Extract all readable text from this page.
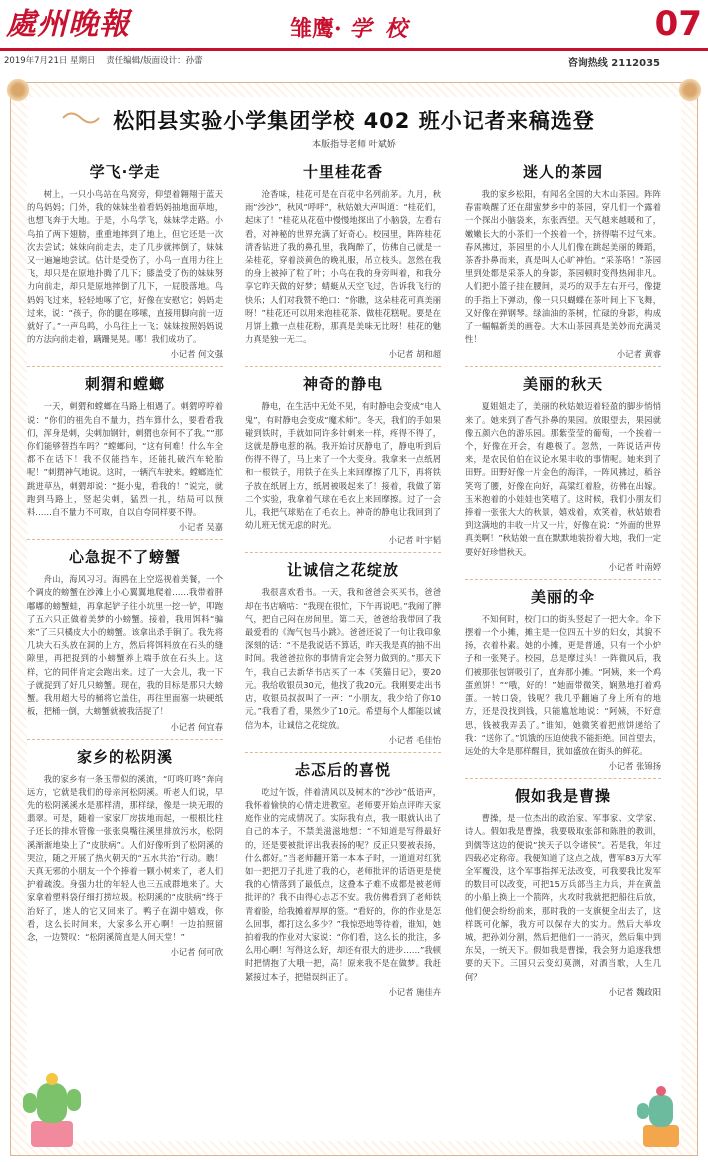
處州晚報	雏鹰· 学 校	07
2019年7月21日 星期日 责任编辑/版面设计：孙蕾	咨询热线 2112035
松阳县实验小学集团学校 402 班小记者来稿选登
本版指导老师 叶斌娇
学飞·学走
树上，一只小鸟站在鸟窝旁，仰望着翱翔于蓝天的鸟妈妈；门外，我的妹妹坐着看妈妈抽地面草地，也想飞奔于大地。于是，小鸟学飞，妹妹学走路。小鸟拍了两下翅膀，重重地摔到了地上，但它还是一次次去尝试；妹妹向前走去，走了几步就摔倒了，妹妹又一遍遍地尝试。估计是受伤了，小鸟一直用力往上飞，却只是在原地扑腾了几下；膝盖受了伤的妹妹努力向前走，却只是原地摔倒了几下，一屁股落地。鸟妈妈飞过来，轻轻地啄了它，好像在安慰它；妈妈走过来，说：“孩子，你的腿在哆嗦，直接用脚向前一迈就好了。”一声鸟鸣，小鸟往上一飞；妹妹按照妈妈说的方法向前走着，蹒跚晃晃。哪！我们成功了。
小记者 何文强
刺猬和螳螂
一天，刺猬和螳螂在马路上相遇了。刺猬哼哼着说：“你们的祖先自不量力，挡车算什么，要看看我们，浑身是刺，尖刺加钢针，刺猬也奈何不了我。”“那你们能够替挡车吗？”螳螂问，“这有何难！什么车全都不在话下！我不仅能挡车，还能扎破汽车轮胎呢！”刺猬神气地说。这时，一辆汽车驶来。螳螂连忙跳进草丛，刺猬却说：“挺小鬼，看我的！”说完，就跑到马路上，竖起尖刺，猛烈一扎，结局可以预料……自不量力不可取，自以自夸同样要不得。
小记者 吴嘉
心急捉不了螃蟹
舟山，海风习习。海鸥在上空巡视着美餐，一个个调皮的螃蟹在沙滩上小心翼翼地爬着……我带着胖嘟嘟的螃蟹蛙，再拿起铲子往小坑里一挖一铲，叩跑了五六只正做着美梦的小螃蟹。接着，我用饵料“骗来”了三只橘皮大小的螃蟹。该拿出杀手锏了。我先将几块大石头放在洞的上方，然后将饵料放在石头的缝隙里，再把捉到的小螃蟹养上端手放在石头上。这样，它的同伴肯定会跑出来。过了一大会儿，我一下子就捉到了好几只螃蟹。现在，我的目标是那只大螃蟹。我用超大号的桶将它盖住，再往里面塞一块硬纸板，把桶一倒，大螃蟹就被我活捉了！
小记者 何宜春
家乡的松阴溪
我的家乡有一条玉带似的溪流，“叮咚叮咚”奔向远方，它就是我们的母亲河松阴溪。听老人们说，早先的松阴溪溪水是那样清，那样绿，像是一块无瑕的翡翠。可是，随着一家家厂房拔地而起，一根根比柱子还长的排水管像一张张臭嘴往溪里排放污水，松阴溪渐渐地染上了“皮肤病”。人们好像听到了松阴溪的哭泣，随之开展了热火朝天的“五水共治”行动。瞧！天真无邪的小朋友一个个捧着一颗小树来了，老人们护着疏浚。身强力壮的年轻人也三五成群地来了。大家拿着塑料袋仔细打捞垃圾。松阴溪的“皮肤病”终于治好了，迷人的它又回来了。鸭子在湖中嬉戏，你看，这么长时间来，大家多么开心啊！一边拍照留念，一边赞叹：“松阴溪简直是人间天堂！”
小记者 何可欣
十里桂花香
沧香味，桂花可是在百花中名列前茅。九月，秋雨“沙沙”，秋风“呼呼”，秋姑娘大声叫道：“桂花们，起床了！”桂花从花苞中慢慢地探出了小脑袋，左看右看，对神秘的世界充满了好奇心。校园里，阵阵桂花清香钻进了我的鼻孔里，我陶醉了，仿佛自己就是一朵桂花，穿着淡黄色的晚礼服，吊立枝头。忽然在我的身上被掉了粒了叶；小鸟在我的身旁叫着，和我分享它昨天做的好梦；蜻蜓从天空飞过，告诉我飞行的快乐；人们对我赞不绝口：“你瞧，这朵桂花可真美丽呀！”桂花还可以用来泡桂花茶、做桂花糕呢。要是在月饼上撒一点桂花粉，那真是美味无比呀！桂花的魅力真是独一无二。
小记者 胡和超
神奇的静电
静电，在生活中无处不见，有时静电会变成“电人鬼”，有时静电会变成“魔术师”。冬天，我们的手如果碰到铁时，手就如同许多针刺来一样，疼得不得了，这就是静电惹的祸。我开始讨厌静电了，静电听到后伤得不得了，马上来了一个大变身。我拿来一点纸屑和一根铁子，用铁子在头上来回摩擦了几下，再将铁子放在纸屑上方，纸屑被吸起来了！接着，我做了第二个实验，我拿着气球在毛衣上来回摩擦。过了一会儿，我把气球贴在了毛衣上。神奇的静电让我回到了幼儿班无忧无虑的时光。
小记者 叶宇韬
让诚信之花绽放
我很喜欢看书。一天，我和爸爸会买买书，爸爸却在书店嘀咕：“我现在很忙，下午再说吧。”我闹了脾气，把自己闷在房间里。第二天，爸爸给我带回了我最爱看的《淘气包马小跳》。爸爸还说了一句让我印象深刻的话：“不是我说话不算话，昨天我是真的抽不出时间。我爸爸拉你的事情肯定会努力做到的。”那天下午，我自己去新华书店买了一本《笑猫日记》，要20元。我给收银员30元，他找了我20元。我刚要走出书店，收银员叔叔叫了一声：“小朋友，我少给了你10元。”我看了看，果然少了10元。希望每个人都能以诚信为本，让诚信之花绽放。
小记者 毛佳怡
忐忑后的喜悦
吃过午饭，伴着清风以及树木的“沙沙”低语声，我怀着愉快的心情走进教室。老师要开始点评昨天家庭作业的完成情况了。实际我有点，我一眼就认出了自己的本子，不禁美滋滋地想：“不知道是写得最好的，还是要被批评出我表扬的呢？反正只要被表扬，什么都好。”当老师翻开第一本本子时，一道道对红犹如一把把刀子扎进了我的心，老师批评的话语更是使我的心情落到了最低点，这叠本子难不成都是被老师批评的？我不由得心忐忑不安。我仿佛看到了老师铁青着脸，给我摊着厚厚的签。“看好的，你的作业是怎么回事，都打这么多少？”我惊恐地等待着，谁知，她拍着我的作业对大家说：“你们看，这么长的批注，多么用心啊！写得这么好，却还有很大的进步……”我顿时把情抱了大哦一把，高！原来我不是在做梦。我赶紧接过本子，把错误纠正了。
小记者 施佳卉
迷人的茶园
我的家乡松阳，有闻名全国的大木山茶园。阵阵春雷唤醒了还在甜蜜梦乡中的茶园，穿几们一个露着一个探出小脑袋来，东张西望。天气越来越暖和了，嫩嫩长大的小茶们一个挨着一个，挤得喘不过气来。春风拂过，茶园里的小人儿们像在跳起美丽的舞蹈，茶香扑鼻而来，真是叫人心旷神怡。“采茶咯！”茶园里到处都是采茶人的身影，茶园顿时变得热闹非凡。人们把小篮子挂在腰间，灵巧的双手左右开弓，像捷的手指上下弹动，像一只只蝴蝶在茶叶间上下飞舞，又好像在弹钢琴。绿油油的茶树，忙碌的身影，构成了一幅幅新美的画卷。大木山茶园真是美妙而充满灵性！
小记者 黄睿
美丽的秋天
夏姐姐走了，美丽的秋姑娘迈着轻盈的脚步悄悄来了。她来到了香气扑鼻的果园。放眼望去，果园就像五颜六色的游乐园。那紫莹莹的葡萄，一个挨着一个，好像在开会，有趣极了。忽然，一阵说话声传来，是农民伯伯在议论水果丰收的事情呢。她来到了田野。田野好像一片金色的海洋，一阵风拂过，稻谷笑弯了腰，好像在向好，高粱红着脸，彷佛在出嫁。玉米抱着的小娃娃也笑嘻了。这时候，我们小朋友们捧着一张张大大的秋景，嬉戏着，欢笑着，秋姑娘看到这满地的丰收一片又一片，好像在说：“外面的世界真美啊！”秋姑娘一直在默默地装扮着大地，我们一定要好好珍惜秋天。
小记者 叶南婷
美丽的伞
不知何时，校门口的街头竖起了一把大伞。伞下摆着一个小摊，摊主是一位四五十岁的妇女，其貌不扬，衣着朴素。她的小摊，更是普通，只有一个小炉子和一张凳子。校园，总是摩过头！一阵微风后，我们被那张包饼吸引了，直奔那小摊。“阿姨，来一个鸡蛋煎饼！”“哦，好的！”她面带微笑，娴熟地打着鸡蛋。一转口袋，钱呢？我几乎翻遍了身上所有的地方，还是没找到钱，只能尴尬地说：“阿姨，不好意思，钱被我弄丢了。”谁知，她微笑着把煎饼递给了我：“送你了。”饥饿的压迫使我不能拒绝。回首望去，远处的大伞是那样醒目，犹如盛放在街头的鲜花。
小记者 张锦扬
假如我是曹操
曹操，是一位杰出的政治家、军事家、文学家、诗人。假如我是曹操，我要吸取张郃和陈胜的教训，到儒等这边的便说“挟天子以令诸侯”。若是我，年过四载必定称帝。我便知道了这点之战，曹军83万大军全军覆没，这个军事指挥无法改变，可我要我比发军的数目可以改变，可把15万兵部当主力兵，并在黄盖的小船上换上一个箭阵，火攻时我就把把船往后放，他们便会纷纷前来，那时我的一支旗便全出去了，这样既可化解，我方可以保存大的实力。然后大举攻城，把孙刘分割，然后把他们一一消灭，然后集中到东吴，一统天下。假如我是曹操，我会努力追逐我想要的天下。三国只云变幻莫测，对酒当歌，人生几何？
小记者 魏政阳
